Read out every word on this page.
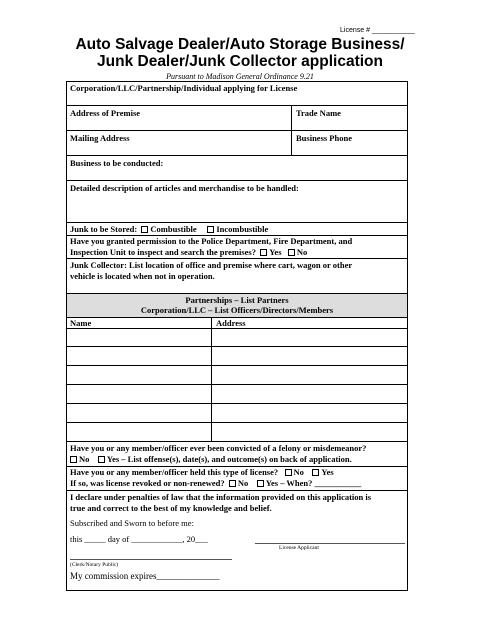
License # ___________
Auto Salvage Dealer/Auto Storage Business/
Junk Dealer/Junk Collector application
Pursuant to Madison General Ordinance 9.21
Corporation/LLC/Partnership/Individual applying for License
Address of Premise	Trade Name
Mailing Address	Business Phone
Business to be conducted:
Detailed description of articles and merchandise to be handled:
Junk to be Stored: Combustible Incombustible
Have you granted permission to the Police Department, Fire Department, and
Inspection Unit to inspect and search the premises? Yes No
Junk Collector: List location of office and premise where cart, wagon or other
vehicle is located when not in operation.
Partnerships – List Partners
Corporation/LLC – List Officers/Directors/Members
Name	Address
Have you or any member/officer ever been convicted of a felony or misdemeanor?
No Yes – List offense(s), date(s), and outcome(s) on back of application.
Have you or any member/officer held this type of license? No Yes
If so, was license revoked or non-renewed? No Yes – When? ___________
I declare under penalties of law that the information provided on this application is
true and correct to the best of my knowledge and belief.
Subscribed and Sworn to before me:
this _____ day of ____________, 20___
License Applicant
(Clerk/Notary Public)
My commission expires______________
